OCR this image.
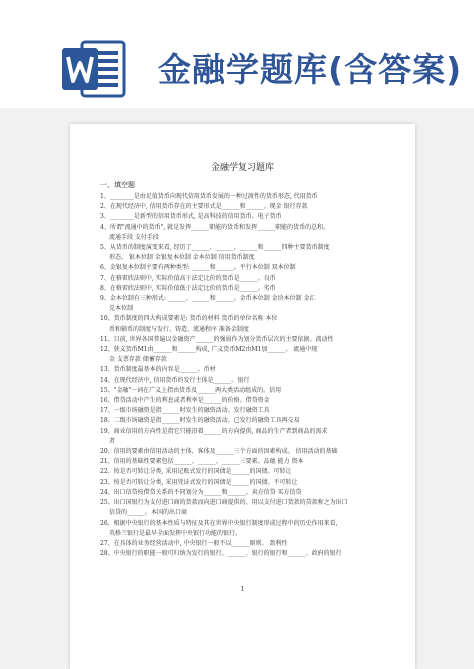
金融学题库(含答案)
金融学复习题库
一、填空题
1、________是由足值货币向现代信用货币发展的一种过渡性的货币形态, 代用货币
2、在现代经济中, 信用货币存在的主要形式是______和______。现金 银行存款
3、________是新型的信用货币形式, 是高科技的信用货币。电子货币
4、所谓"流通中的货币", 就是发挥______职能的货币和发挥______职能的货币的总和。
流通手段 支付手段
5、从货币的制度演变来看, 经历了______、______、______和______四种主要货币制度
形态。 银本位制 金银复本位制 金本位制 信用货币制度
6、金银复本位制主要有两种类型: ______和______。平行本位制 双本位制
7、在格雷欣法则中, 实际价值高于法定比价的货币是______。良币
8、在格雷欣法则中, 实际价值低于法定比价的货币是______。劣币
9、金本位制有三种形式: ______、______和______。金币本位制 金块本位制 金汇
兑本位制
10、货币制度的四大构成要素是: 货币的材料 货币的单位名称 本位
币和辅币的制度与发行、铸造、流通程序 准备金制度
11、目前, 世界各国普遍以金融资产______的强弱作为划分货币层次的主要依据。流动性
12、狭义货币M1由______和______构成, 广义货币M2由M1加______。 流通中现
金 支票存款 储蓄存款
13、货币制度最基本的内容是______。币材
14、在现代经济中, 信用货币的发行主体是______。银行
15、"金融"一词在广义上指由货币及______两大类活动组成的。信用
16、借贷活动中产生的利息或者利率是______的价格。借贷资金
17、一级市场融资是指______时发生的融资活动。发行融资工具
18、二级市场融资是指______时发生的融资活动。已发行的融资工具再交易
19、商业信用的方向性是指它只能沿着______的方向提供, 商品的生产者到商品的需求
者
20、信用的要素由信用活动的主体、客体及______三个方面的因素构成。 信用活动的基础
21、信用的基础性要素包括______、______、______三要素。品德 能力 资本
22、按是否可转让分类, 采用记账式发行的国债是______的国债。可转让
23、按是否可转让分类, 采用凭证式发行的国债是______的国债。不可转让
24、出口信贷按借贷关系的不同划分为______和______。卖方信贷 买方信贷
25、出口国银行为支付进口商的货款而向进口商提供的、用以支付进口货款的贷款称之为出口
信贷的______。本国的出口商
26、根据中央银行的基本性质与特征及其在世界中央银行制度形成过程中的历史作用来看,
英格兰银行是最早全面发挥中央银行功能的银行。
27、在具体的业务经营活动中, 中央银行一般不以______原则。 盈利性
28、中央银行的职能一般可归纳为发行的银行、______、银行的银行和______、政府的银行
1
